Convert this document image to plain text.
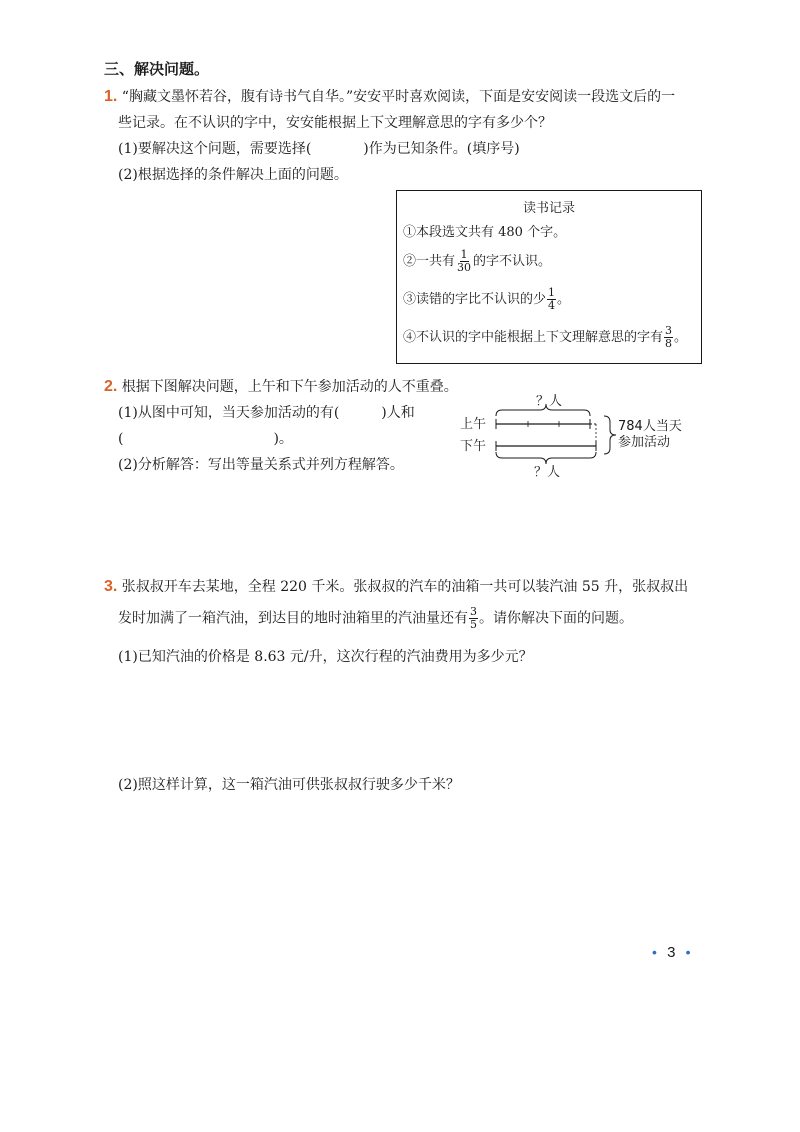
三、解决问题。
1. “胸藏文墨怀若谷，腹有诗书气自华。”安安平时喜欢阅读，下面是安安阅读一段选文后的一
些记录。在不认识的字中，安安能根据上下文理解意思的字有多少个？
(1)要解决这个问题，需要选择(	)作为已知条件。(填序号)
(2)根据选择的条件解决上面的问题。
读书记录
①本段选文共有 480 个字。
②一共有 $\frac{1}{30}$ 的字不认识。
③读错的字比不认识的少 $\frac{1}{4}$ 。
④不认识的字中能根据上下文理解意思的字有 $\frac{3}{8}$ 。
2. 根据下图解决问题，上午和下午参加活动的人不重叠。
(1)从图中可知，当天参加活动的有(	)人和
(	)。
(2)分析解答：写出等量关系式并列方程解答。
上午
下午
？人
？人
784人当天
参加活动
3. 张叔叔开车去某地，全程 220 千米。张叔叔的汽车的油箱一共可以装汽油 55 升，张叔叔出
发时加满了一箱汽油，到达目的地时油箱里的汽油量还有 $\frac{3}{5}$ 。请你解决下面的问题。
(1)已知汽油的价格是 8.63 元/升，这次行程的汽油费用为多少元？
(2)照这样计算，这一箱汽油可供张叔叔行驶多少千米？
• 3 •
